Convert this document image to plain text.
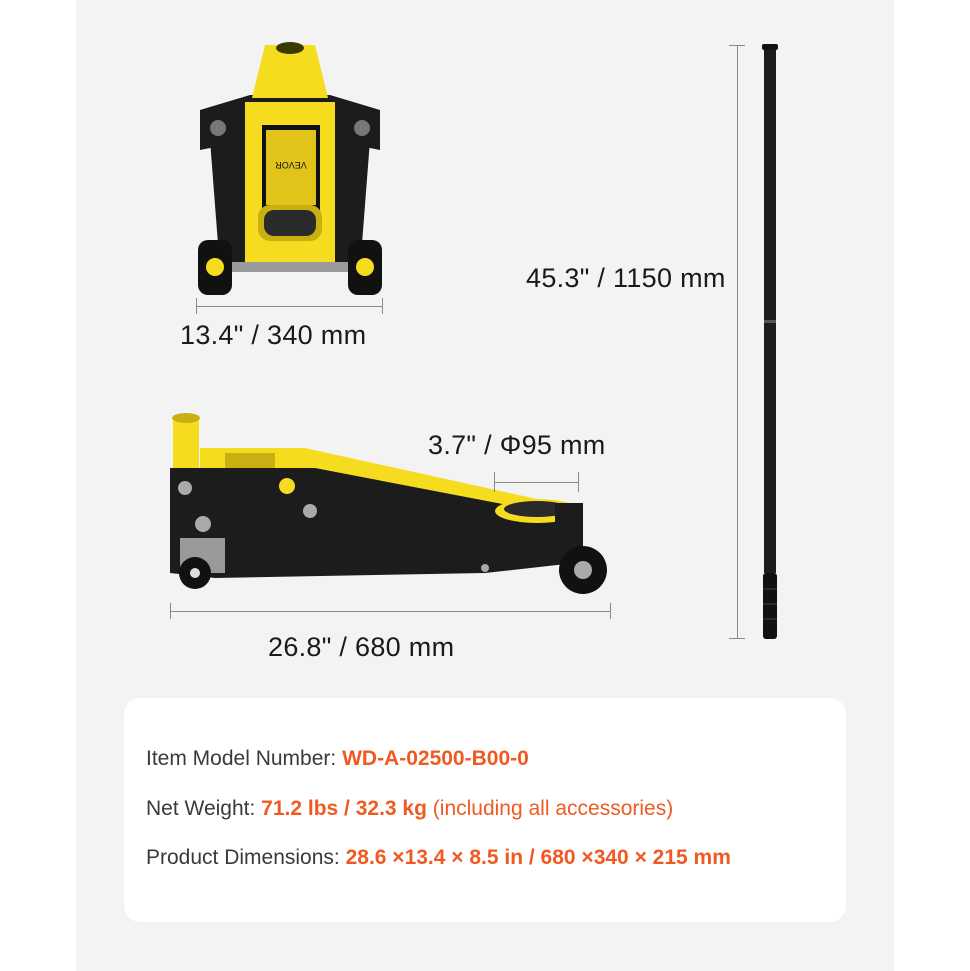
VEVOR
13.4" / 340 mm
3.7" / Φ95 mm
26.8" / 680 mm
45.3" / 1150 mm
Item Model Number: WD-A-02500-B00-0
Net Weight: 71.2 lbs / 32.3 kg (including all accessories)
Product Dimensions: 28.6 ×13.4 × 8.5 in / 680 ×340 × 215 mm
